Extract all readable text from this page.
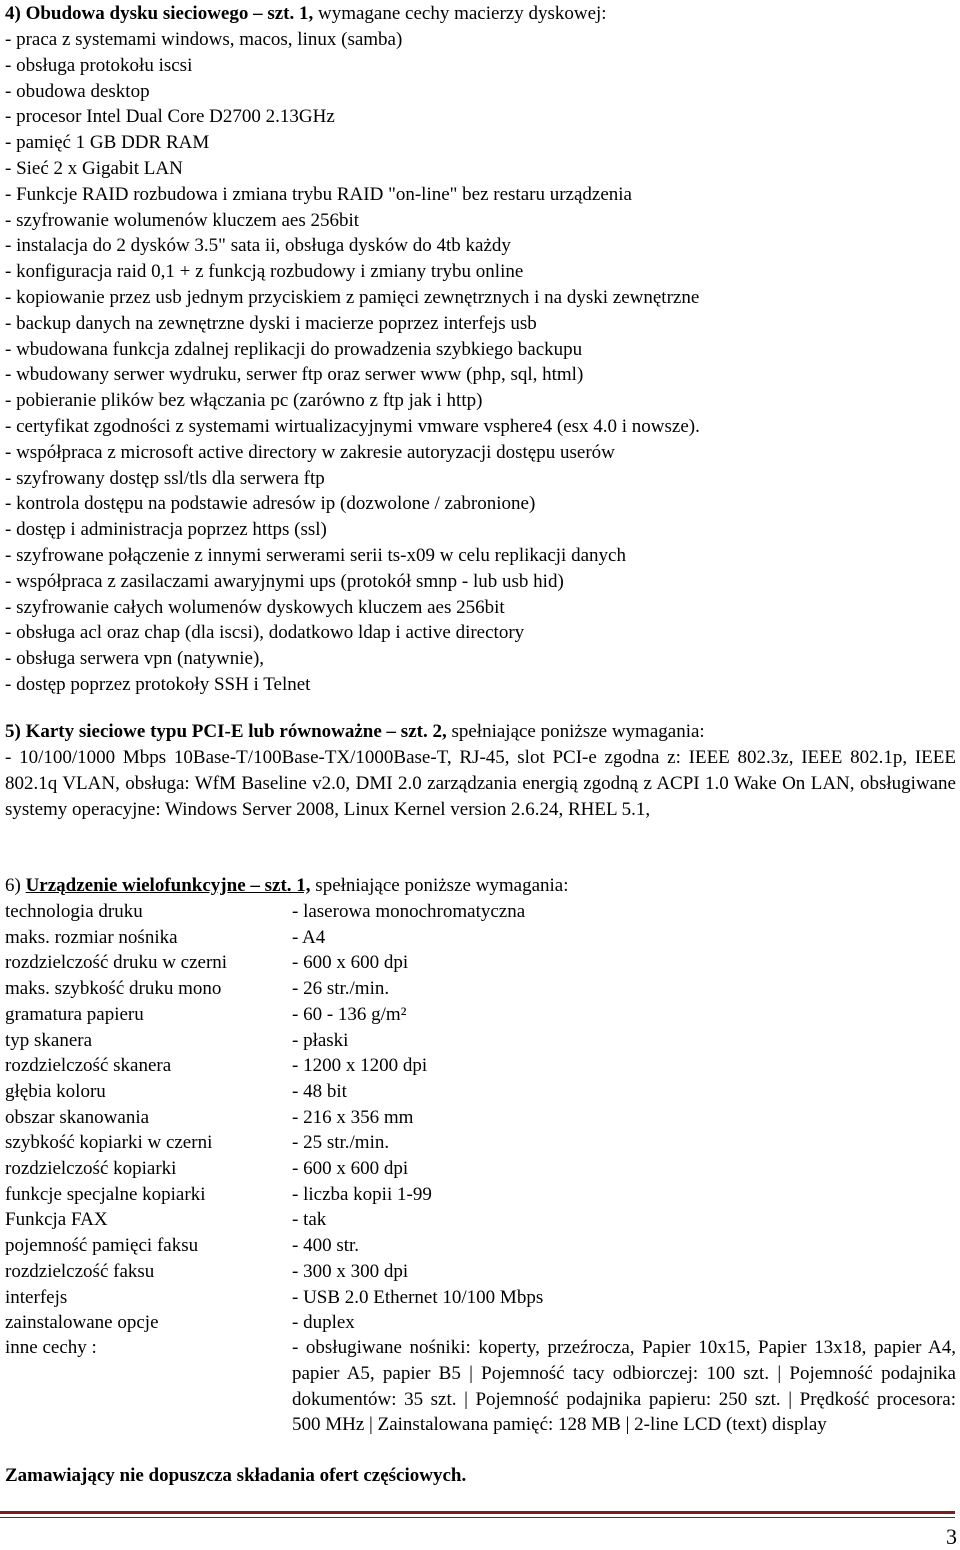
4) Obudowa dysku sieciowego – szt. 1, wymagane cechy macierzy dyskowej:
- praca z systemami windows, macos, linux (samba)
- obsługa protokołu iscsi
- obudowa desktop
- procesor Intel Dual Core D2700 2.13GHz
- pamięć 1 GB DDR RAM
- Sieć 2 x Gigabit LAN
- Funkcje RAID rozbudowa i zmiana trybu RAID "on-line" bez restaru urządzenia
- szyfrowanie wolumenów kluczem aes 256bit
- instalacja do 2 dysków 3.5" sata ii, obsługa dysków do 4tb każdy
- konfiguracja raid 0,1 + z funkcją rozbudowy i zmiany trybu online
- kopiowanie przez usb jednym przyciskiem z pamięci zewnętrznych i na dyski zewnętrzne
- backup danych na zewnętrzne dyski i macierze poprzez interfejs usb
- wbudowana funkcja zdalnej replikacji do prowadzenia szybkiego backupu
- wbudowany serwer wydruku, serwer ftp oraz serwer www (php, sql, html)
- pobieranie plików bez włączania pc (zarówno z ftp jak i http)
- certyfikat zgodności z systemami wirtualizacyjnymi vmware vsphere4 (esx 4.0 i nowsze).
- współpraca z microsoft active directory w zakresie autoryzacji dostępu userów
- szyfrowany dostęp ssl/tls dla serwera ftp
- kontrola dostępu na podstawie adresów ip (dozwolone / zabronione)
- dostęp i administracja poprzez https (ssl)
- szyfrowane połączenie z innymi serwerami serii ts-x09 w celu replikacji danych
- współpraca z zasilaczami awaryjnymi ups (protokół smnp - lub usb hid)
- szyfrowanie całych wolumenów dyskowych kluczem aes 256bit
- obsługa acl oraz chap (dla iscsi), dodatkowo ldap i active directory
- obsługa serwera vpn (natywnie),
- dostęp poprzez protokoły SSH i Telnet
5) Karty sieciowe typu PCI-E lub równoważne – szt. 2, spełniające poniższe wymagania:
- 10/100/1000 Mbps 10Base-T/100Base-TX/1000Base-T, RJ-45, slot PCI-e zgodna z: IEEE 802.3z, IEEE 802.1p, IEEE 802.1q VLAN, obsługa: WfM Baseline v2.0, DMI 2.0 zarządzania energią zgodną z ACPI 1.0 Wake On LAN, obsługiwane systemy operacyjne: Windows Server 2008, Linux Kernel version 2.6.24, RHEL 5.1,
6) Urządzenie wielofunkcyjne – szt. 1, spełniające poniższe wymagania:
technologia druku	- laserowa monochromatyczna
maks. rozmiar nośnika	- A4
rozdzielczość druku w czerni	- 600 x 600 dpi
maks. szybkość druku mono	- 26 str./min.
gramatura papieru	- 60 - 136 g/m²
typ skanera	- płaski
rozdzielczość skanera	- 1200 x 1200 dpi
głębia koloru	- 48 bit
obszar skanowania	- 216 x 356 mm
szybkość kopiarki w czerni	- 25 str./min.
rozdzielczość kopiarki	- 600 x 600 dpi
funkcje specjalne kopiarki	- liczba kopii 1-99
Funkcja FAX	- tak
pojemność pamięci faksu	- 400 str.
rozdzielczość faksu	- 300 x 300 dpi
interfejs	- USB 2.0 Ethernet 10/100 Mbps
zainstalowane opcje	- duplex
inne cechy :	- obsługiwane nośniki: koperty, przeźrocza, Papier 10x15, Papier 13x18, papier A4, papier A5, papier B5 | Pojemność tacy odbiorczej: 100 szt. | Pojemność podajnika dokumentów: 35 szt. | Pojemność podajnika papieru: 250 szt. | Prędkość procesora: 500 MHz | Zainstalowana pamięć: 128 MB | 2-line LCD (text) display
Zamawiający nie dopuszcza składania ofert częściowych.
3
